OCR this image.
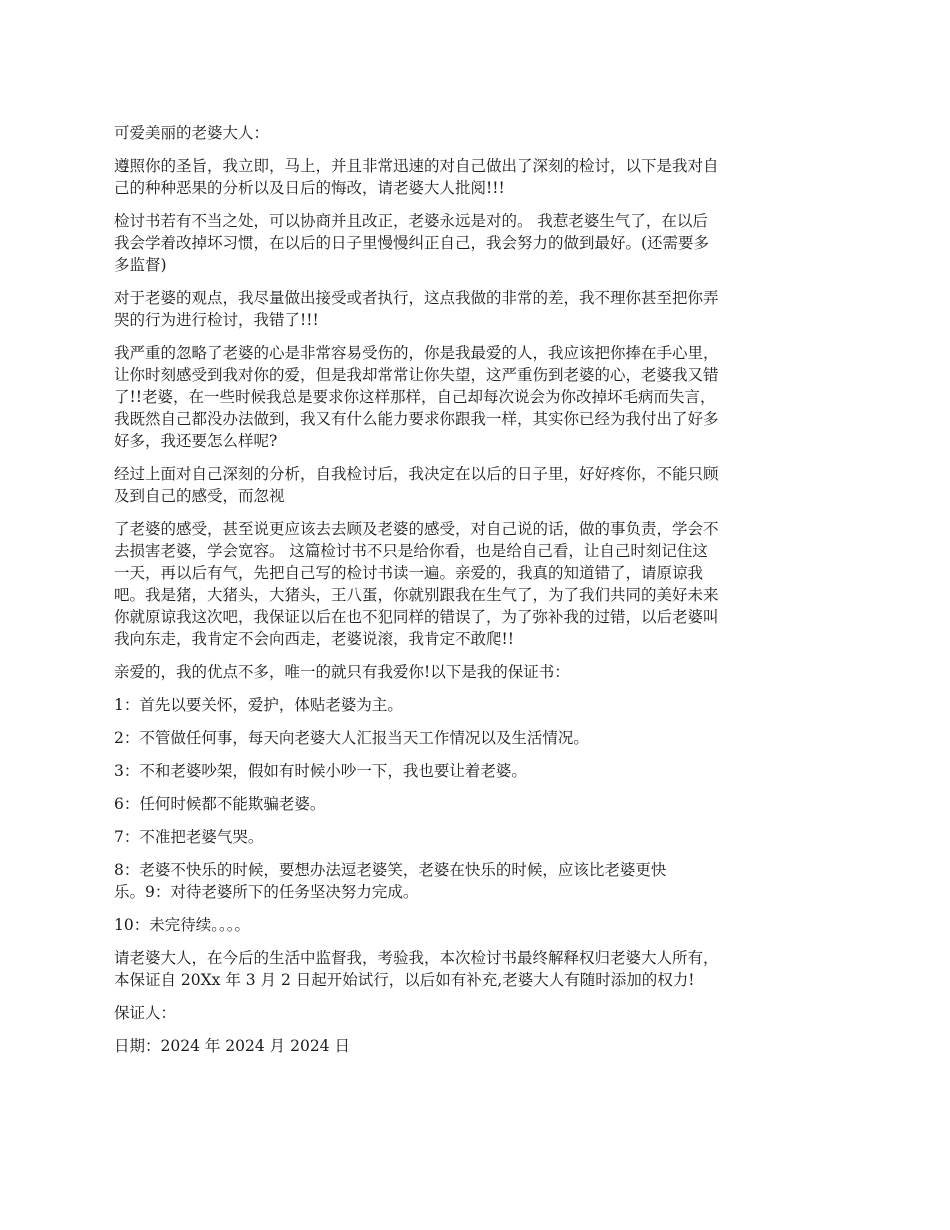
可爱美丽的老婆大人：

遵照你的圣旨，我立即，马上，并且非常迅速的对自己做出了深刻的检讨，以下是我对自
己的种种恶果的分析以及日后的悔改，请老婆大人批阅!!!

检讨书若有不当之处，可以协商并且改正，老婆永远是对的。 我惹老婆生气了，在以后
我会学着改掉坏习惯，在以后的日子里慢慢纠正自己，我会努力的做到最好。(还需要多
多监督)

对于老婆的观点，我尽量做出接受或者执行，这点我做的非常的差，我不理你甚至把你弄
哭的行为进行检讨，我错了!!!

我严重的忽略了老婆的心是非常容易受伤的，你是我最爱的人，我应该把你捧在手心里，
让你时刻感受到我对你的爱，但是我却常常让你失望，这严重伤到老婆的心，老婆我又错
了!!老婆，在一些时候我总是要求你这样那样，自己却每次说会为你改掉坏毛病而失言，
我既然自己都没办法做到，我又有什么能力要求你跟我一样，其实你已经为我付出了好多
好多，我还要怎么样呢?

经过上面对自己深刻的分析，自我检讨后，我决定在以后的日子里，好好疼你，不能只顾
及到自己的感受，而忽视

了老婆的感受，甚至说更应该去去顾及老婆的感受，对自己说的话，做的事负责，学会不
去损害老婆，学会宽容。 这篇检讨书不只是给你看，也是给自己看，让自己时刻记住这
一天，再以后有气，先把自己写的检讨书读一遍。亲爱的，我真的知道错了，请原谅我
吧。我是猪，大猪头，大猪头，王八蛋，你就别跟我在生气了，为了我们共同的美好未来
你就原谅我这次吧，我保证以后在也不犯同样的错误了，为了弥补我的过错，以后老婆叫
我向东走，我肯定不会向西走，老婆说滚，我肯定不敢爬!!

亲爱的，我的优点不多，唯一的就只有我爱你!以下是我的保证书：

1：首先以要关怀，爱护，体贴老婆为主。

2：不管做任何事，每天向老婆大人汇报当天工作情况以及生活情况。

3：不和老婆吵架，假如有时候小吵一下，我也要让着老婆。

6：任何时候都不能欺骗老婆。

7：不准把老婆气哭。

8：老婆不快乐的时候，要想办法逗老婆笑，老婆在快乐的时候，应该比老婆更快
乐。9：对待老婆所下的任务坚决努力完成。

10：未完待续。。。。

请老婆大人，在今后的生活中监督我，考验我，本次检讨书最终解释权归老婆大人所有，
本保证自 20Xx 年 3 月 2 日起开始试行，以后如有补充,老婆大人有随时添加的权力!

保证人：

日期：2024 年 2024 月 2024 日
